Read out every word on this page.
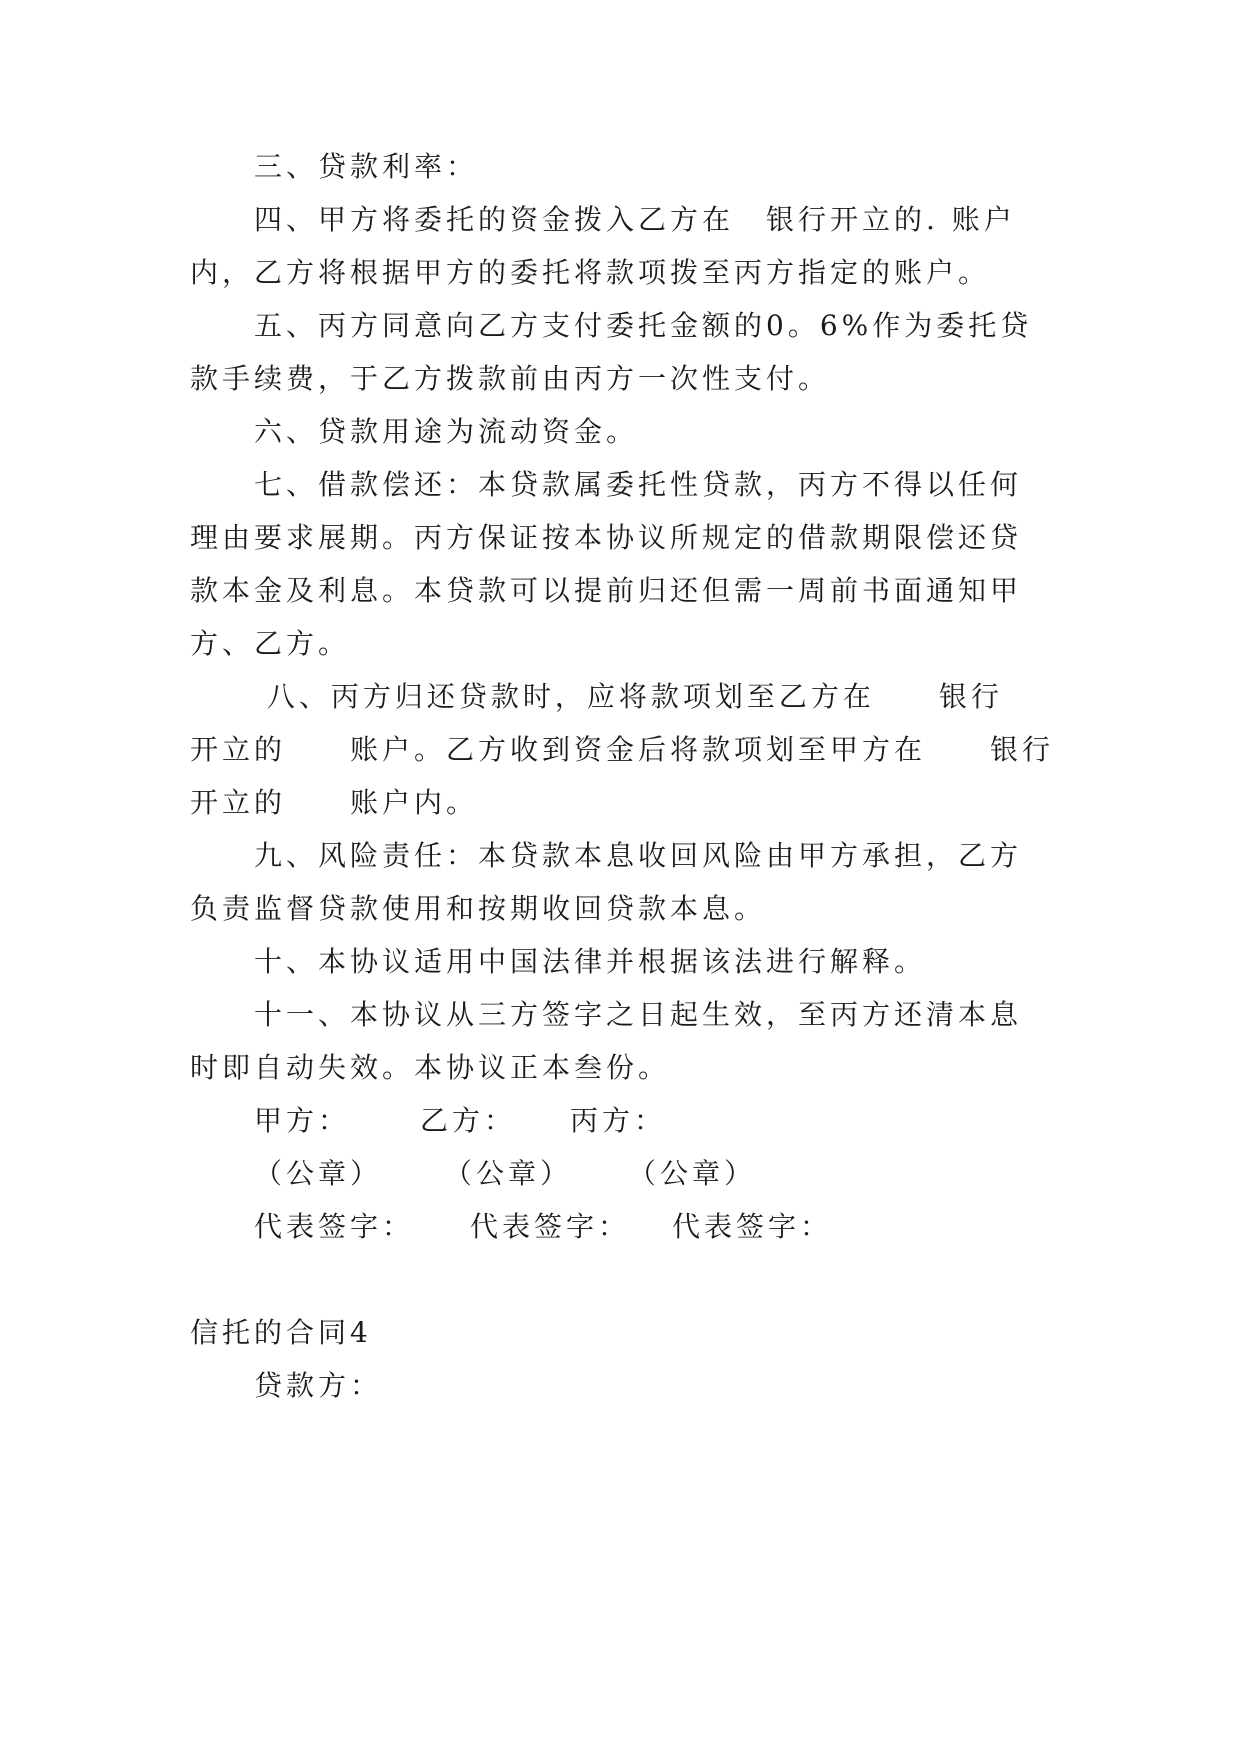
三、贷款利率：
四、甲方将委托的资金拨入乙方在　银行开立的. 账户
内，乙方将根据甲方的委托将款项拨至丙方指定的账户。
五、丙方同意向乙方支付委托金额的0。6%作为委托贷
款手续费，于乙方拨款前由丙方一次性支付。
六、贷款用途为流动资金。
七、借款偿还：本贷款属委托性贷款，丙方不得以任何
理由要求展期。丙方保证按本协议所规定的借款期限偿还贷
款本金及利息。本贷款可以提前归还但需一周前书面通知甲
方、乙方。
八、丙方归还贷款时，应将款项划至乙方在　　银行
开立的　　账户。乙方收到资金后将款项划至甲方在　　银行
开立的　　账户内。
九、风险责任：本贷款本息收回风险由甲方承担，乙方
负责监督贷款使用和按期收回贷款本息。
十、本协议适用中国法律并根据该法进行解释。
十一、本协议从三方签字之日起生效，至丙方还清本息
时即自动失效。本协议正本叁份。

甲方：

乙方：

丙方：

（公章）

（公章）

（公章）

代表签字：

代表签字：

代表签字：

信托的合同4
贷款方：
